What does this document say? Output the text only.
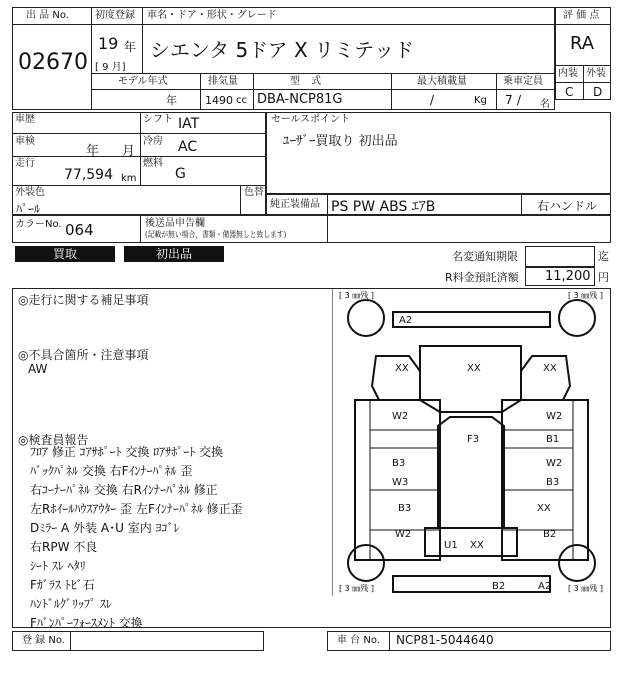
出 品 No.
02670
初度登録 車名・ドア・形状・グレード
19 年
[ 9 月]
シエンタ 5ドア X リミテッド
モデル年式
年
排気量
1490 cc
型 式
DBA-NCP81G
最大積載量
/	Kg
乗車定員
7 / 名
評 価 点
RA
内装 外装
C D
車歴	シフト IAT
車検
年 月
冷房 AC
走行
77,594 km
燃料
G
外装色
ﾊﾟｰﾙ
色替
セールスポイント
ﾕｰｻﾞｰ買取り 初出品
純正装備品 PS PW ABS ｴｱB	右ハンドル
カラーNo. 064	後送品申告欄
(記載が無い場合，書類・備器無しと致します)
買取	初出品	名変通知期限	迄
R料金預託済額 11,200 円
◎走行に関する補足事項
◎不具合箇所・注意事項
AW
◎検査員報告
ﾌﾛｱ 修正 ｺｱｻﾎﾟｰﾄ 交換 ﾛｱｻﾎﾟｰﾄ 交換
ﾊﾞｯｸﾊﾟﾈﾙ 交換 右Fｲﾝﾅｰﾊﾟﾈﾙ 歪
右ｺｰﾅｰﾊﾟﾈﾙ 交換 右Rｲﾝﾅｰﾊﾟﾈﾙ 修正
左Rﾎｲｰﾙﾊｳｽｱｳﾀｰ 歪 左Fｲﾝﾅｰﾊﾟﾈﾙ 修正歪
Dﾐﾗｰ A 外装 A･U 室内 ﾖｺﾞﾚ
右RPW 不良
ｼｰﾄ ｽﾚ ﾍﾀﾘ
Fｶﾞﾗｽ ﾄﾋﾞ石
ﾊﾝﾄﾞﾙｸﾞﾘｯﾌﾟ ｽﾚ
Fﾊﾞﾝﾊﾟｰﾌｫｰｽﾒﾝﾄ 交換
[ 3 ㎜残 ]	[ 3 ㎜残 ]
[ 3 ㎜残 ]	[ 3 ㎜残 ]
A2
XX	XX	XX
W2	W2
B1
F3
B3
W3
W2
B3
B3
W2
XX
B2
U1 XX
B2	A2
登 録 No.	車 台 No. NCP81-5044640
